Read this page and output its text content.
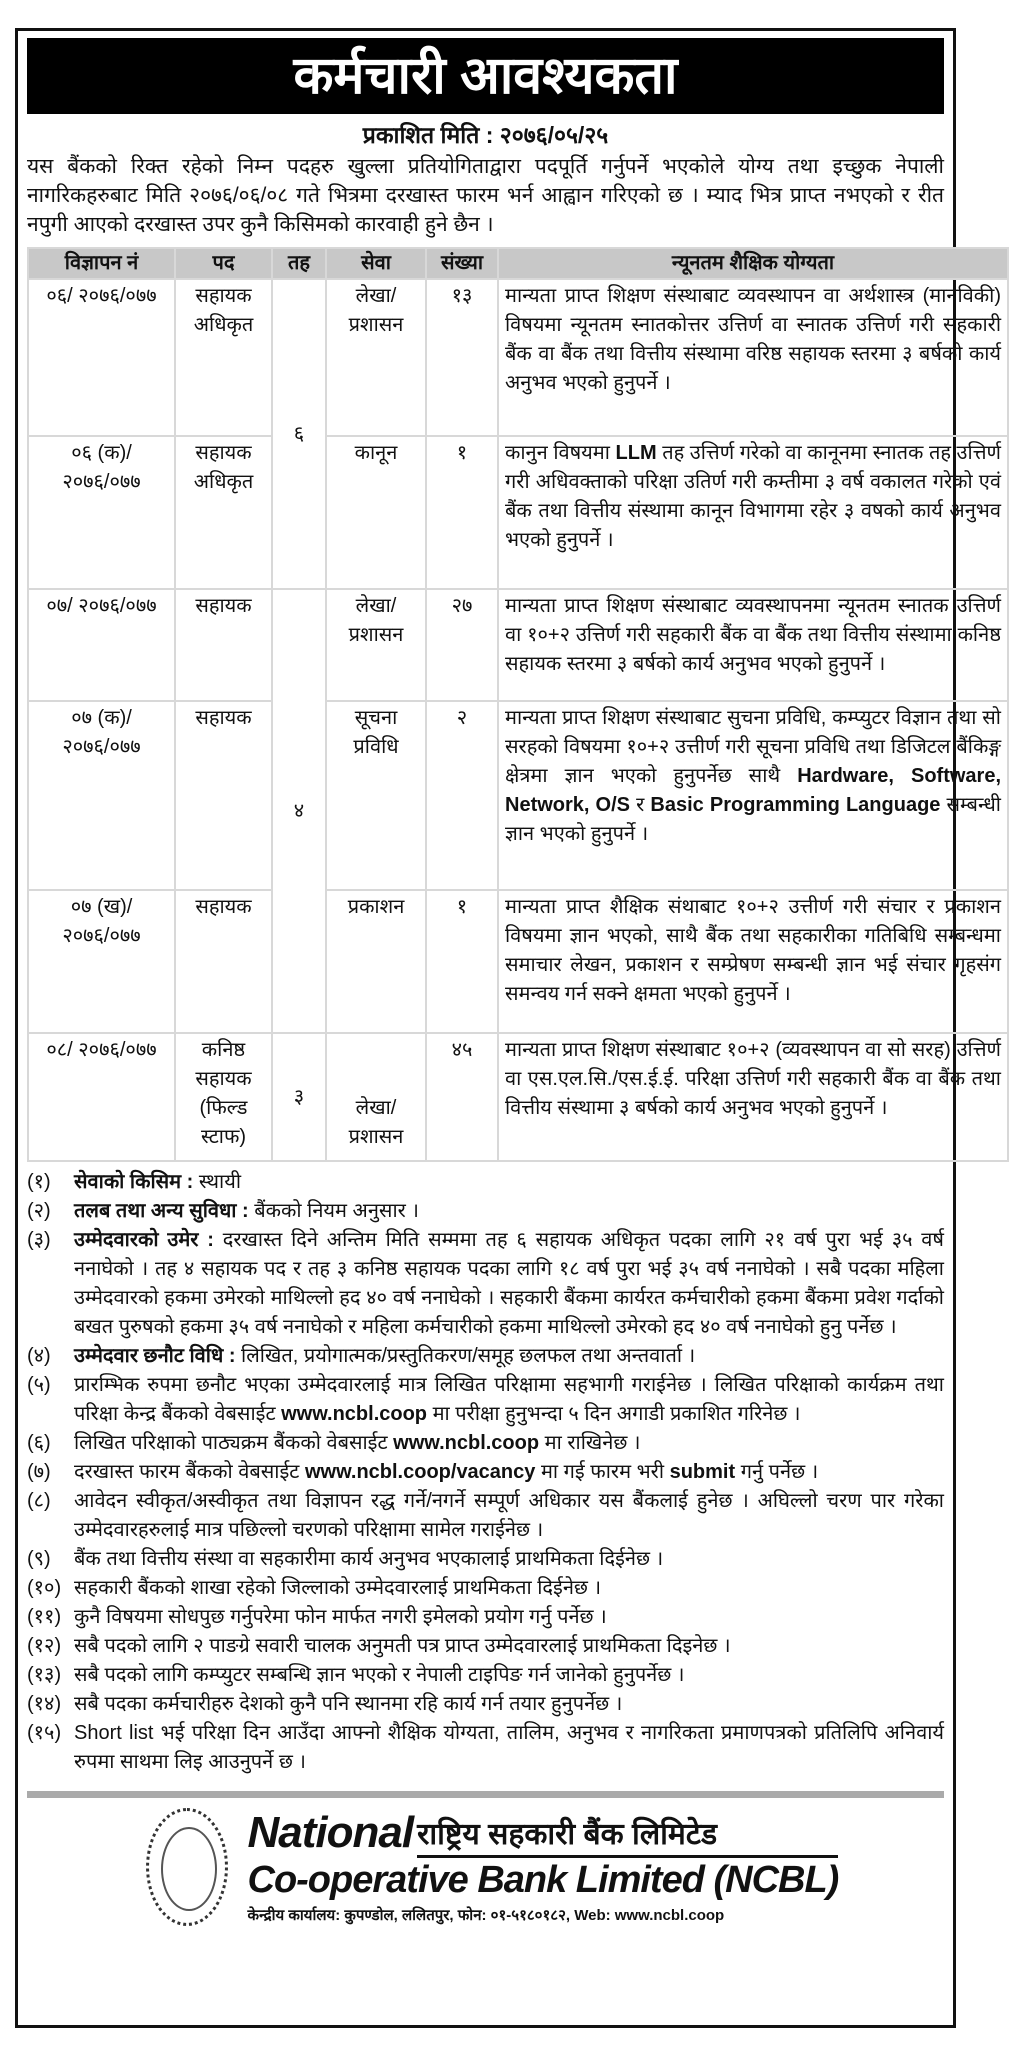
कर्मचारी आवश्यकता
प्रकाशित मिति : २०७६/०५/२५
यस बैंकको रिक्त रहेको निम्न पदहरु खुल्ला प्रतियोगिताद्वारा पदपूर्ति गर्नुपर्ने भएकोले योग्य तथा इच्छुक नेपाली नागरिकहरुबाट मिति २०७६/०६/०८ गते भित्रमा दरखास्त फारम भर्न आह्वान गरिएको छ । म्याद भित्र प्राप्त नभएको र रीत नपुगी आएको दरखास्त उपर कुनै किसिमको कारवाही हुने छैन ।
विज्ञापन नं	पद	तह	सेवा	संख्या	न्यूनतम शैक्षिक योग्यता
०६/ २०७६/०७७	सहायक अधिकृत	६	लेखा/ प्रशासन	१३	मान्यता प्राप्त शिक्षण संस्थाबाट व्यवस्थापन वा अर्थशास्त्र (मानविकी) विषयमा न्यूनतम स्नातकोत्तर उत्तिर्ण वा स्नातक उत्तिर्ण गरी सहकारी बैंक वा बैंक तथा वित्तीय संस्थामा वरिष्ठ सहायक स्तरमा ३ बर्षको कार्य अनुभव भएको हुनुपर्ने ।
०६ (क)/ २०७६/०७७	सहायक अधिकृत		कानून	१	कानुन विषयमा LLM तह उत्तिर्ण गरेको वा कानूनमा स्नातक तह उत्तिर्ण गरी अधिवक्ताको परिक्षा उतिर्ण गरी कम्तीमा ३ वर्ष वकालत गरेको एवं बैंक तथा वित्तीय संस्थामा कानून विभागमा रहेर ३ वषको कार्य अनुभव भएको हुनुपर्ने ।
०७/ २०७६/०७७	सहायक	४	लेखा/ प्रशासन	२७	मान्यता प्राप्त शिक्षण संस्थाबाट व्यवस्थापनमा न्यूनतम स्नातक उत्तिर्ण वा १०+२ उत्तिर्ण गरी सहकारी बैंक वा बैंक तथा वित्तीय संस्थामा कनिष्ठ सहायक स्तरमा ३ बर्षको कार्य अनुभव भएको हुनुपर्ने ।
०७ (क)/ २०७६/०७७	सहायक		सूचना प्रविधि	२	मान्यता प्राप्त शिक्षण संस्थाबाट सुचना प्रविधि, कम्प्युटर विज्ञान तथा सो सरहको विषयमा १०+२ उत्तीर्ण गरी सूचना प्रविधि तथा डिजिटल बैंकिङ्ग क्षेत्रमा ज्ञान भएको हुनुपर्नेछ साथै Hardware, Software, Network, O/S र Basic Programming Language सम्बन्धी ज्ञान भएको हुनुपर्ने ।
०७ (ख)/ २०७६/०७७	सहायक		प्रकाशन	१	मान्यता प्राप्त शैक्षिक संथाबाट १०+२ उत्तीर्ण गरी संचार र प्रकाशन विषयमा ज्ञान भएको, साथै बैंक तथा सहकारीका गतिबिधि सम्बन्धमा समाचार लेखन, प्रकाशन र सम्प्रेषण सम्बन्धी ज्ञान भई संचार गृहसंग समन्वय गर्न सक्ने क्षमता भएको हुनुपर्ने ।
०८/ २०७६/०७७	कनिष्ठ सहायक (फिल्ड स्टाफ)	३	लेखा/ प्रशासन	४५	मान्यता प्राप्त शिक्षण संस्थाबाट १०+२ (व्यवस्थापन वा सो सरह) उत्तिर्ण वा एस.एल.सि./एस.ई.ई. परिक्षा उत्तिर्ण गरी सहकारी बैंक वा बैंक तथा वित्तीय संस्थामा ३ बर्षको कार्य अनुभव भएको हुनुपर्ने ।
(१)	सेवाको किसिम : स्थायी
(२)	तलब तथा अन्य सुविधा : बैंकको नियम अनुसार ।
(३)	उम्मेदवारको उमेर : दरखास्त दिने अन्तिम मिति सम्ममा तह ६ सहायक अधिकृत पदका लागि २१ वर्ष पुरा भई ३५ वर्ष ननाघेको । तह ४ सहायक पद र तह ३ कनिष्ठ सहायक पदका लागि १८ वर्ष पुरा भई ३५ वर्ष ननाघेको । सबै पदका महिला उम्मेदवारको हकमा उमेरको माथिल्लो हद ४० वर्ष ननाघेको । सहकारी बैंकमा कार्यरत कर्मचारीको हकमा बैंकमा प्रवेश गर्दाको बखत पुरुषको हकमा ३५ वर्ष ननाघेको र महिला कर्मचारीको हकमा माथिल्लो उमेरको हद ४० वर्ष ननाघेको हुनु पर्नेछ ।
(४)	उम्मेदवार छनौट विधि : लिखित, प्रयोगात्मक/प्रस्तुतिकरण/समूह छलफल तथा अन्तवार्ता ।
(५)	प्रारम्भिक रुपमा छनौट भएका उम्मेदवारलाई मात्र लिखित परिक्षामा सहभागी गराईनेछ । लिखित परिक्षाको कार्यक्रम तथा परिक्षा केन्द्र बैंकको वेबसाईट www.ncbl.coop मा परीक्षा हुनुभन्दा ५ दिन अगाडी प्रकाशित गरिनेछ ।
(६)	लिखित परिक्षाको पाठ्यक्रम बैंकको वेबसाईट www.ncbl.coop मा राखिनेछ ।
(७)	दरखास्त फारम बैंकको वेबसाईट www.ncbl.coop/vacancy मा गई फारम भरी submit गर्नु पर्नेछ ।
(८)	आवेदन स्वीकृत/अस्वीकृत तथा विज्ञापन रद्ध गर्ने/नगर्ने सम्पूर्ण अधिकार यस बैंकलाई हुनेछ । अघिल्लो चरण पार गरेका उम्मेदवारहरुलाई मात्र पछिल्लो चरणको परिक्षामा सामेल गराईनेछ ।
(९)	बैंक तथा वित्तीय संस्था वा सहकारीमा कार्य अनुभव भएकालाई प्राथमिकता दिईनेछ ।
(१०) सहकारी बैंकको शाखा रहेको जिल्लाको उम्मेदवारलाई प्राथमिकता दिईनेछ ।
(११) कुनै विषयमा सोधपुछ गर्नुपरेमा फोन मार्फत नगरी इमेलको प्रयोग गर्नु पर्नेछ ।
(१२) सबै पदको लागि २ पाङग्रे सवारी चालक अनुमती पत्र प्राप्त उम्मेदवारलाई प्राथमिकता दिइनेछ ।
(१३) सबै पदको लागि कम्प्युटर सम्बन्धि ज्ञान भएको र नेपाली टाइपिङ गर्न जानेको हुनुपर्नेछ ।
(१४) सबै पदका कर्मचारीहरु देशको कुनै पनि स्थानमा रहि कार्य गर्न तयार हुनुपर्नेछ ।
(१५) Short list भई परिक्षा दिन आउँदा आफ्नो शैक्षिक योग्यता, तालिम, अनुभव र नागरिकता प्रमाणपत्रको प्रतिलिपि अनिवार्य रुपमा साथमा लिइ आउनुपर्ने छ ।
National राष्ट्रिय सहकारी बैंक लिमिटेड
Co-operative Bank Limited (NCBL)
केन्द्रीय कार्यालय: कुपण्डोल, ललितपुर, फोन: ०१-५१८०१८२, Web: www.ncbl.coop
